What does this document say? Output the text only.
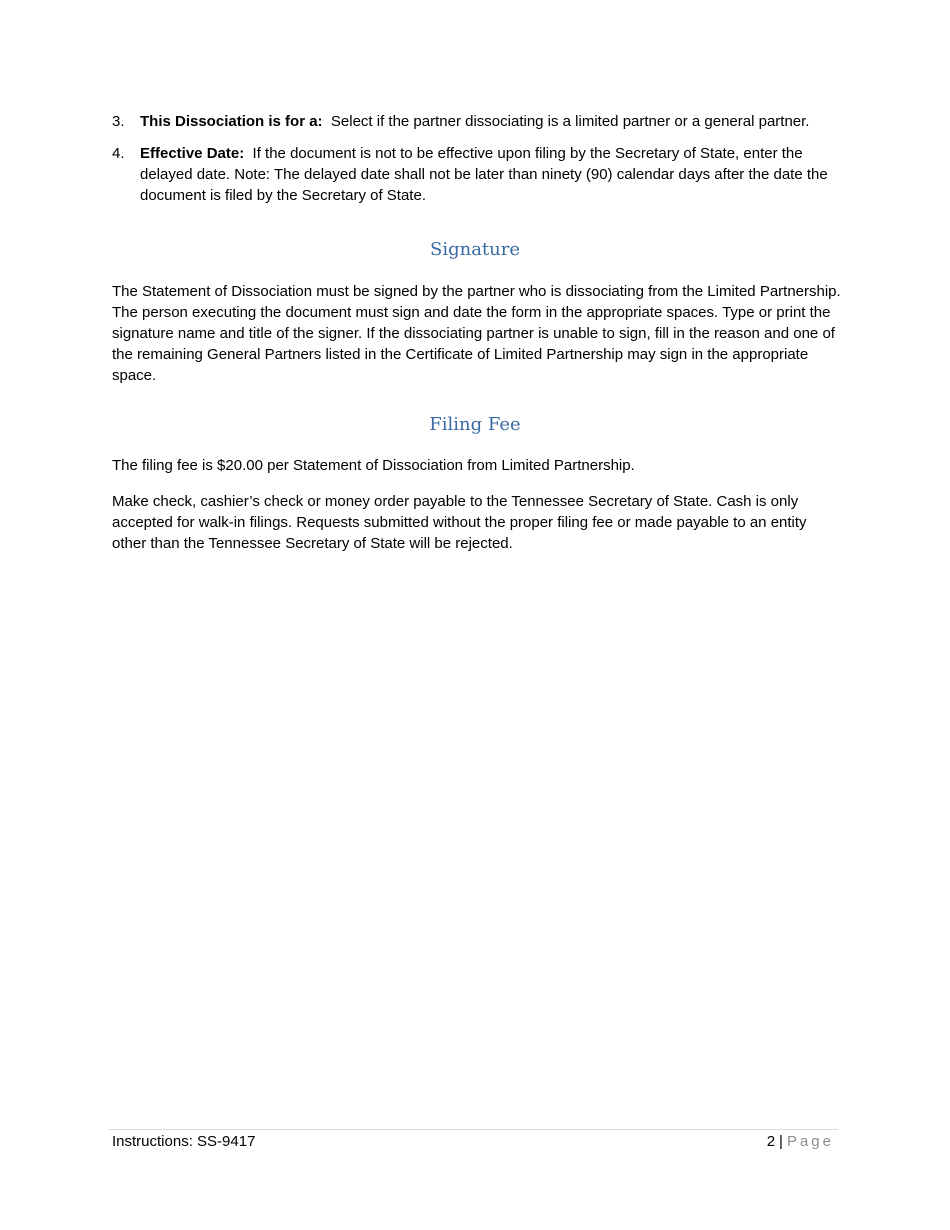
3. This Dissociation is for a: Select if the partner dissociating is a limited partner or a general partner.
4. Effective Date: If the document is not to be effective upon filing by the Secretary of State, enter the delayed date. Note: The delayed date shall not be later than ninety (90) calendar days after the date the document is filed by the Secretary of State.
Signature

The Statement of Dissociation must be signed by the partner who is dissociating from the Limited Partnership. The person executing the document must sign and date the form in the appropriate spaces. Type or print the signature name and title of the signer. If the dissociating partner is unable to sign, fill in the reason and one of the remaining General Partners listed in the Certificate of Limited Partnership may sign in the appropriate space.

Filing Fee

The filing fee is $20.00 per Statement of Dissociation from Limited Partnership.

Make check, cashier’s check or money order payable to the Tennessee Secretary of State. Cash is only accepted for walk-in filings. Requests submitted without the proper filing fee or made payable to an entity other than the Tennessee Secretary of State will be rejected.

Instructions: SS-9417	2 | Page
